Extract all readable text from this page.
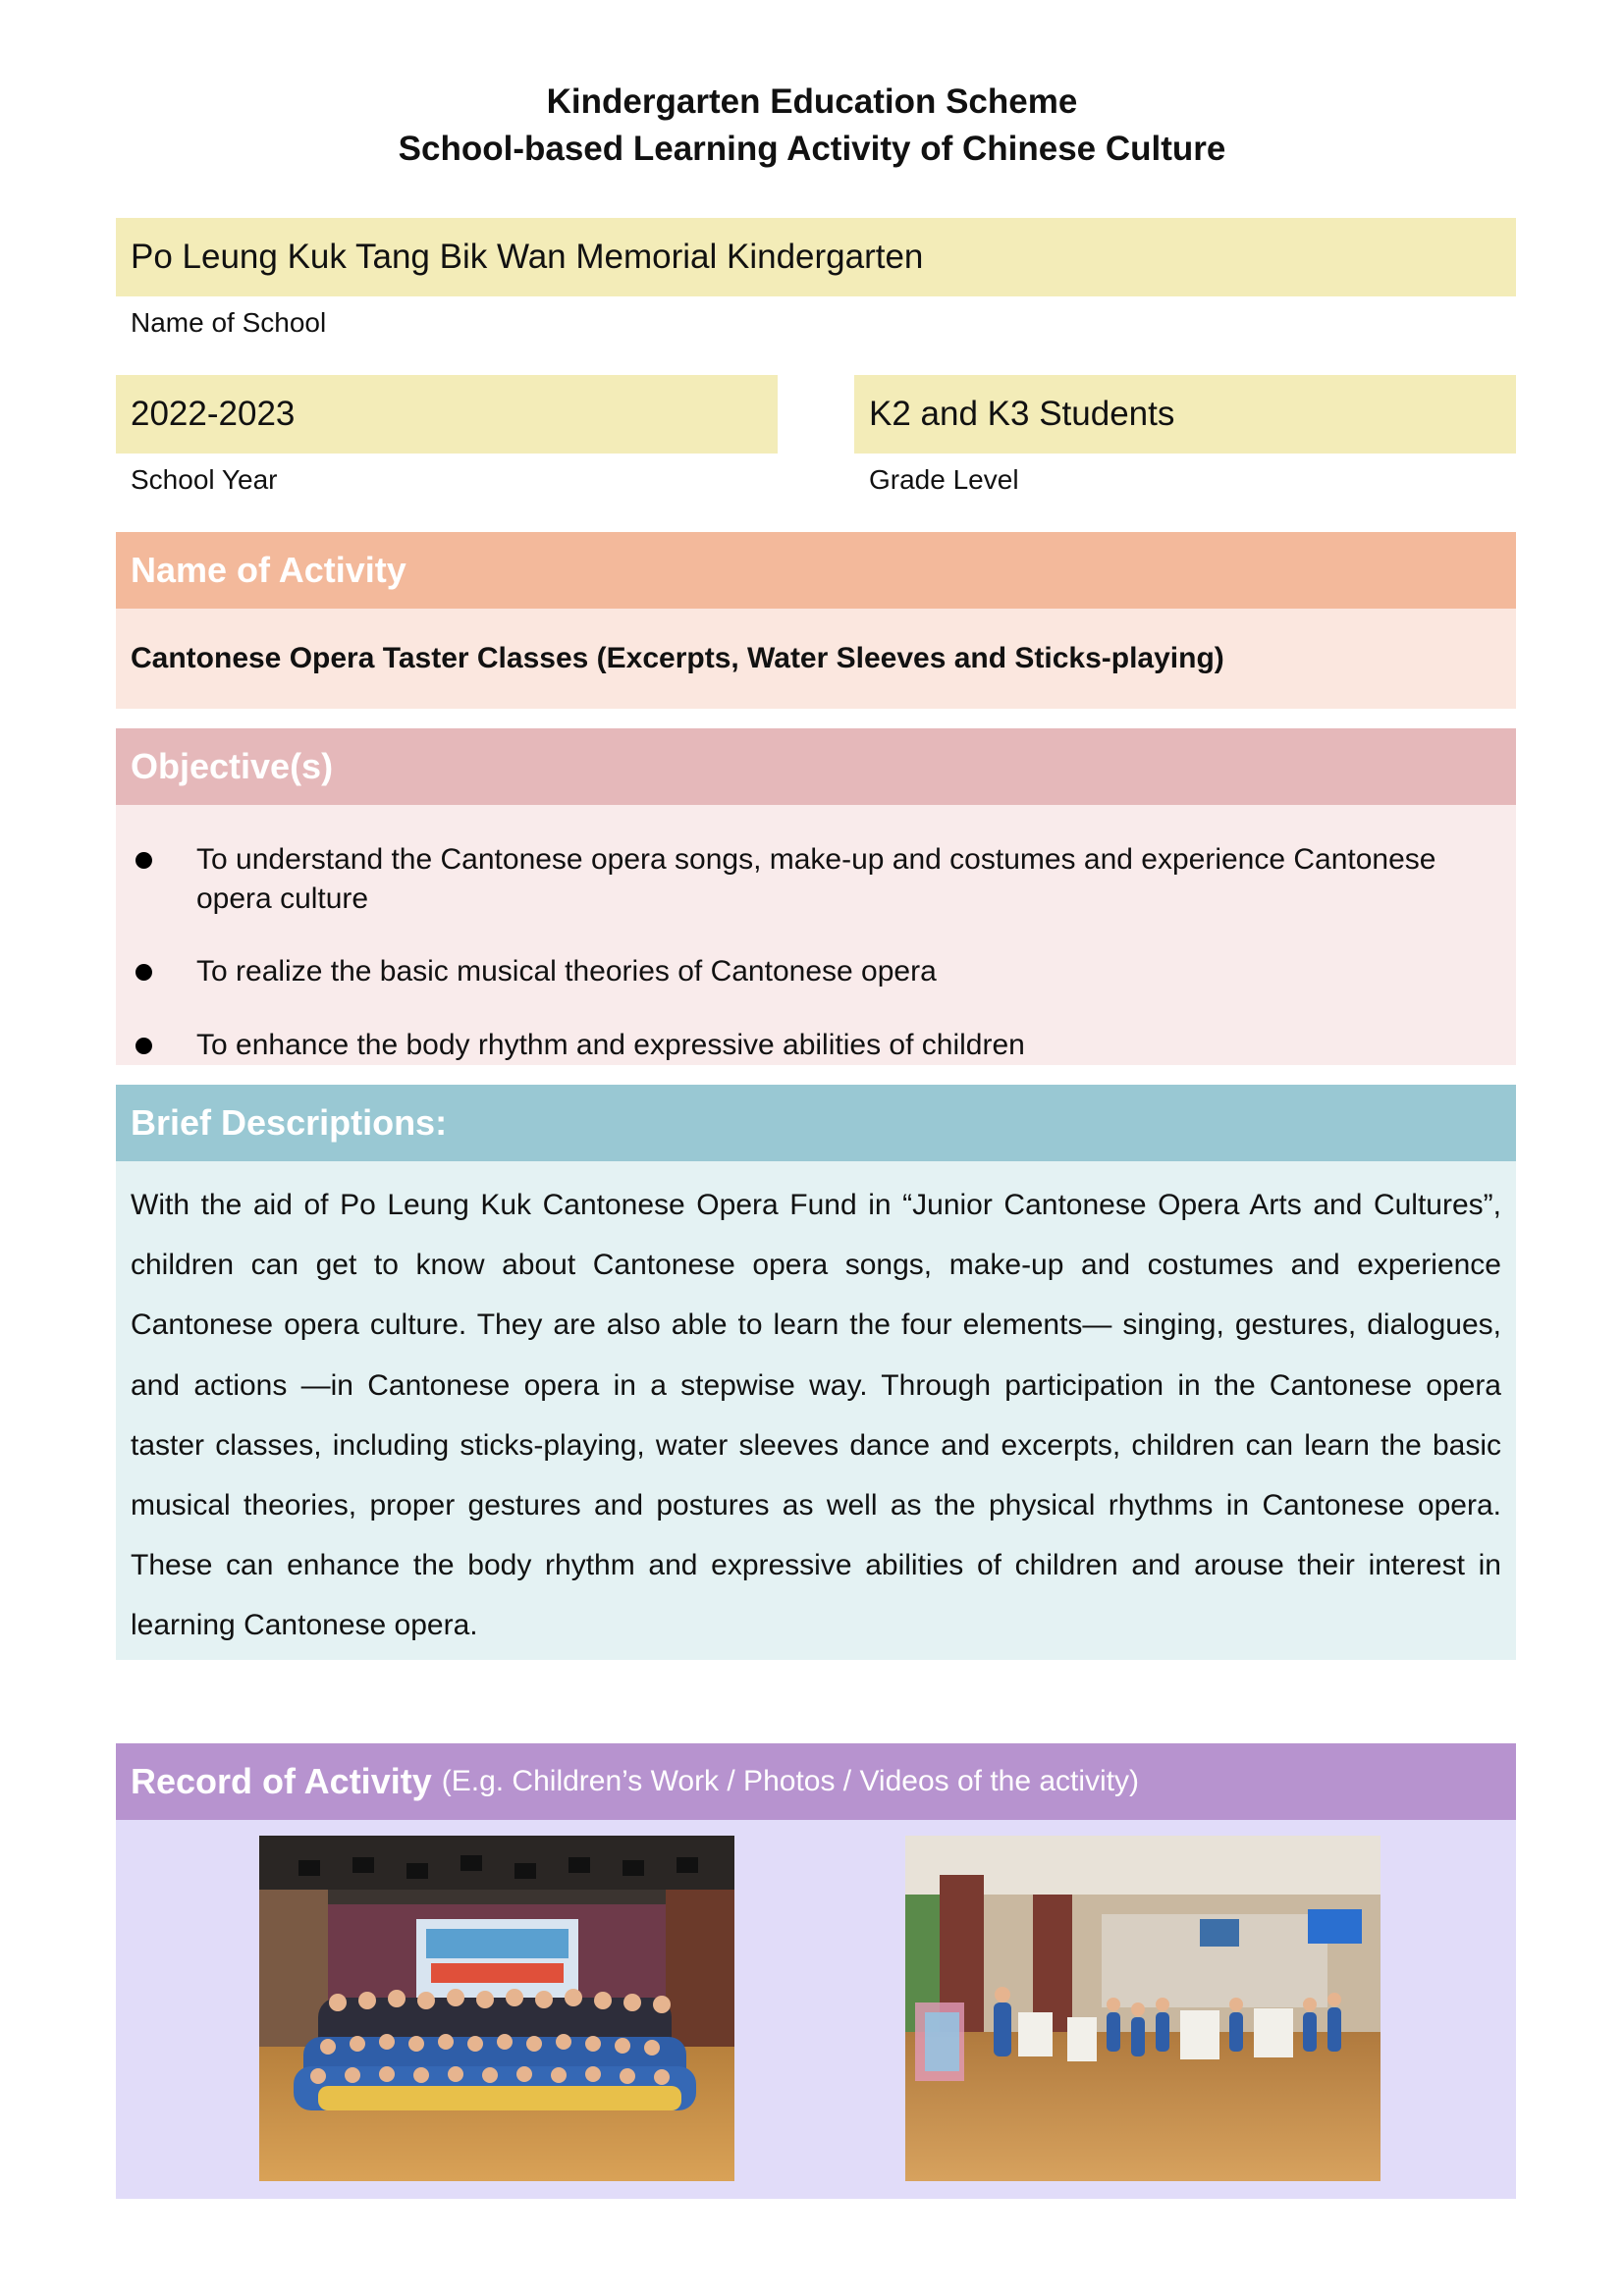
Kindergarten Education Scheme
School-based Learning Activity of Chinese Culture
Po Leung Kuk Tang Bik Wan Memorial Kindergarten
Name of School
2022-2023
School Year
K2 and K3 Students
Grade Level
Name of Activity
Cantonese Opera Taster Classes (Excerpts, Water Sleeves and Sticks-playing)
Objective(s)
To understand the Cantonese opera songs, make-up and costumes and experience Cantonese opera culture
To realize the basic musical theories of Cantonese opera
To enhance the body rhythm and expressive abilities of children
Brief Descriptions:
With the aid of Po Leung Kuk Cantonese Opera Fund in “Junior Cantonese Opera Arts and Cultures”, children can get to know about Cantonese opera songs, make-up and costumes and experience Cantonese opera culture. They are also able to learn the four elements— singing, gestures, dialogues, and actions —in Cantonese opera in a stepwise way. Through participation in the Cantonese opera taster classes, including sticks-playing, water sleeves dance and excerpts, children can learn the basic musical theories, proper gestures and postures as well as the physical rhythms in Cantonese opera. These can enhance the body rhythm and expressive abilities of children and arouse their interest in learning Cantonese opera.
Record of Activity (E.g. Children’s Work / Photos / Videos of the activity)
